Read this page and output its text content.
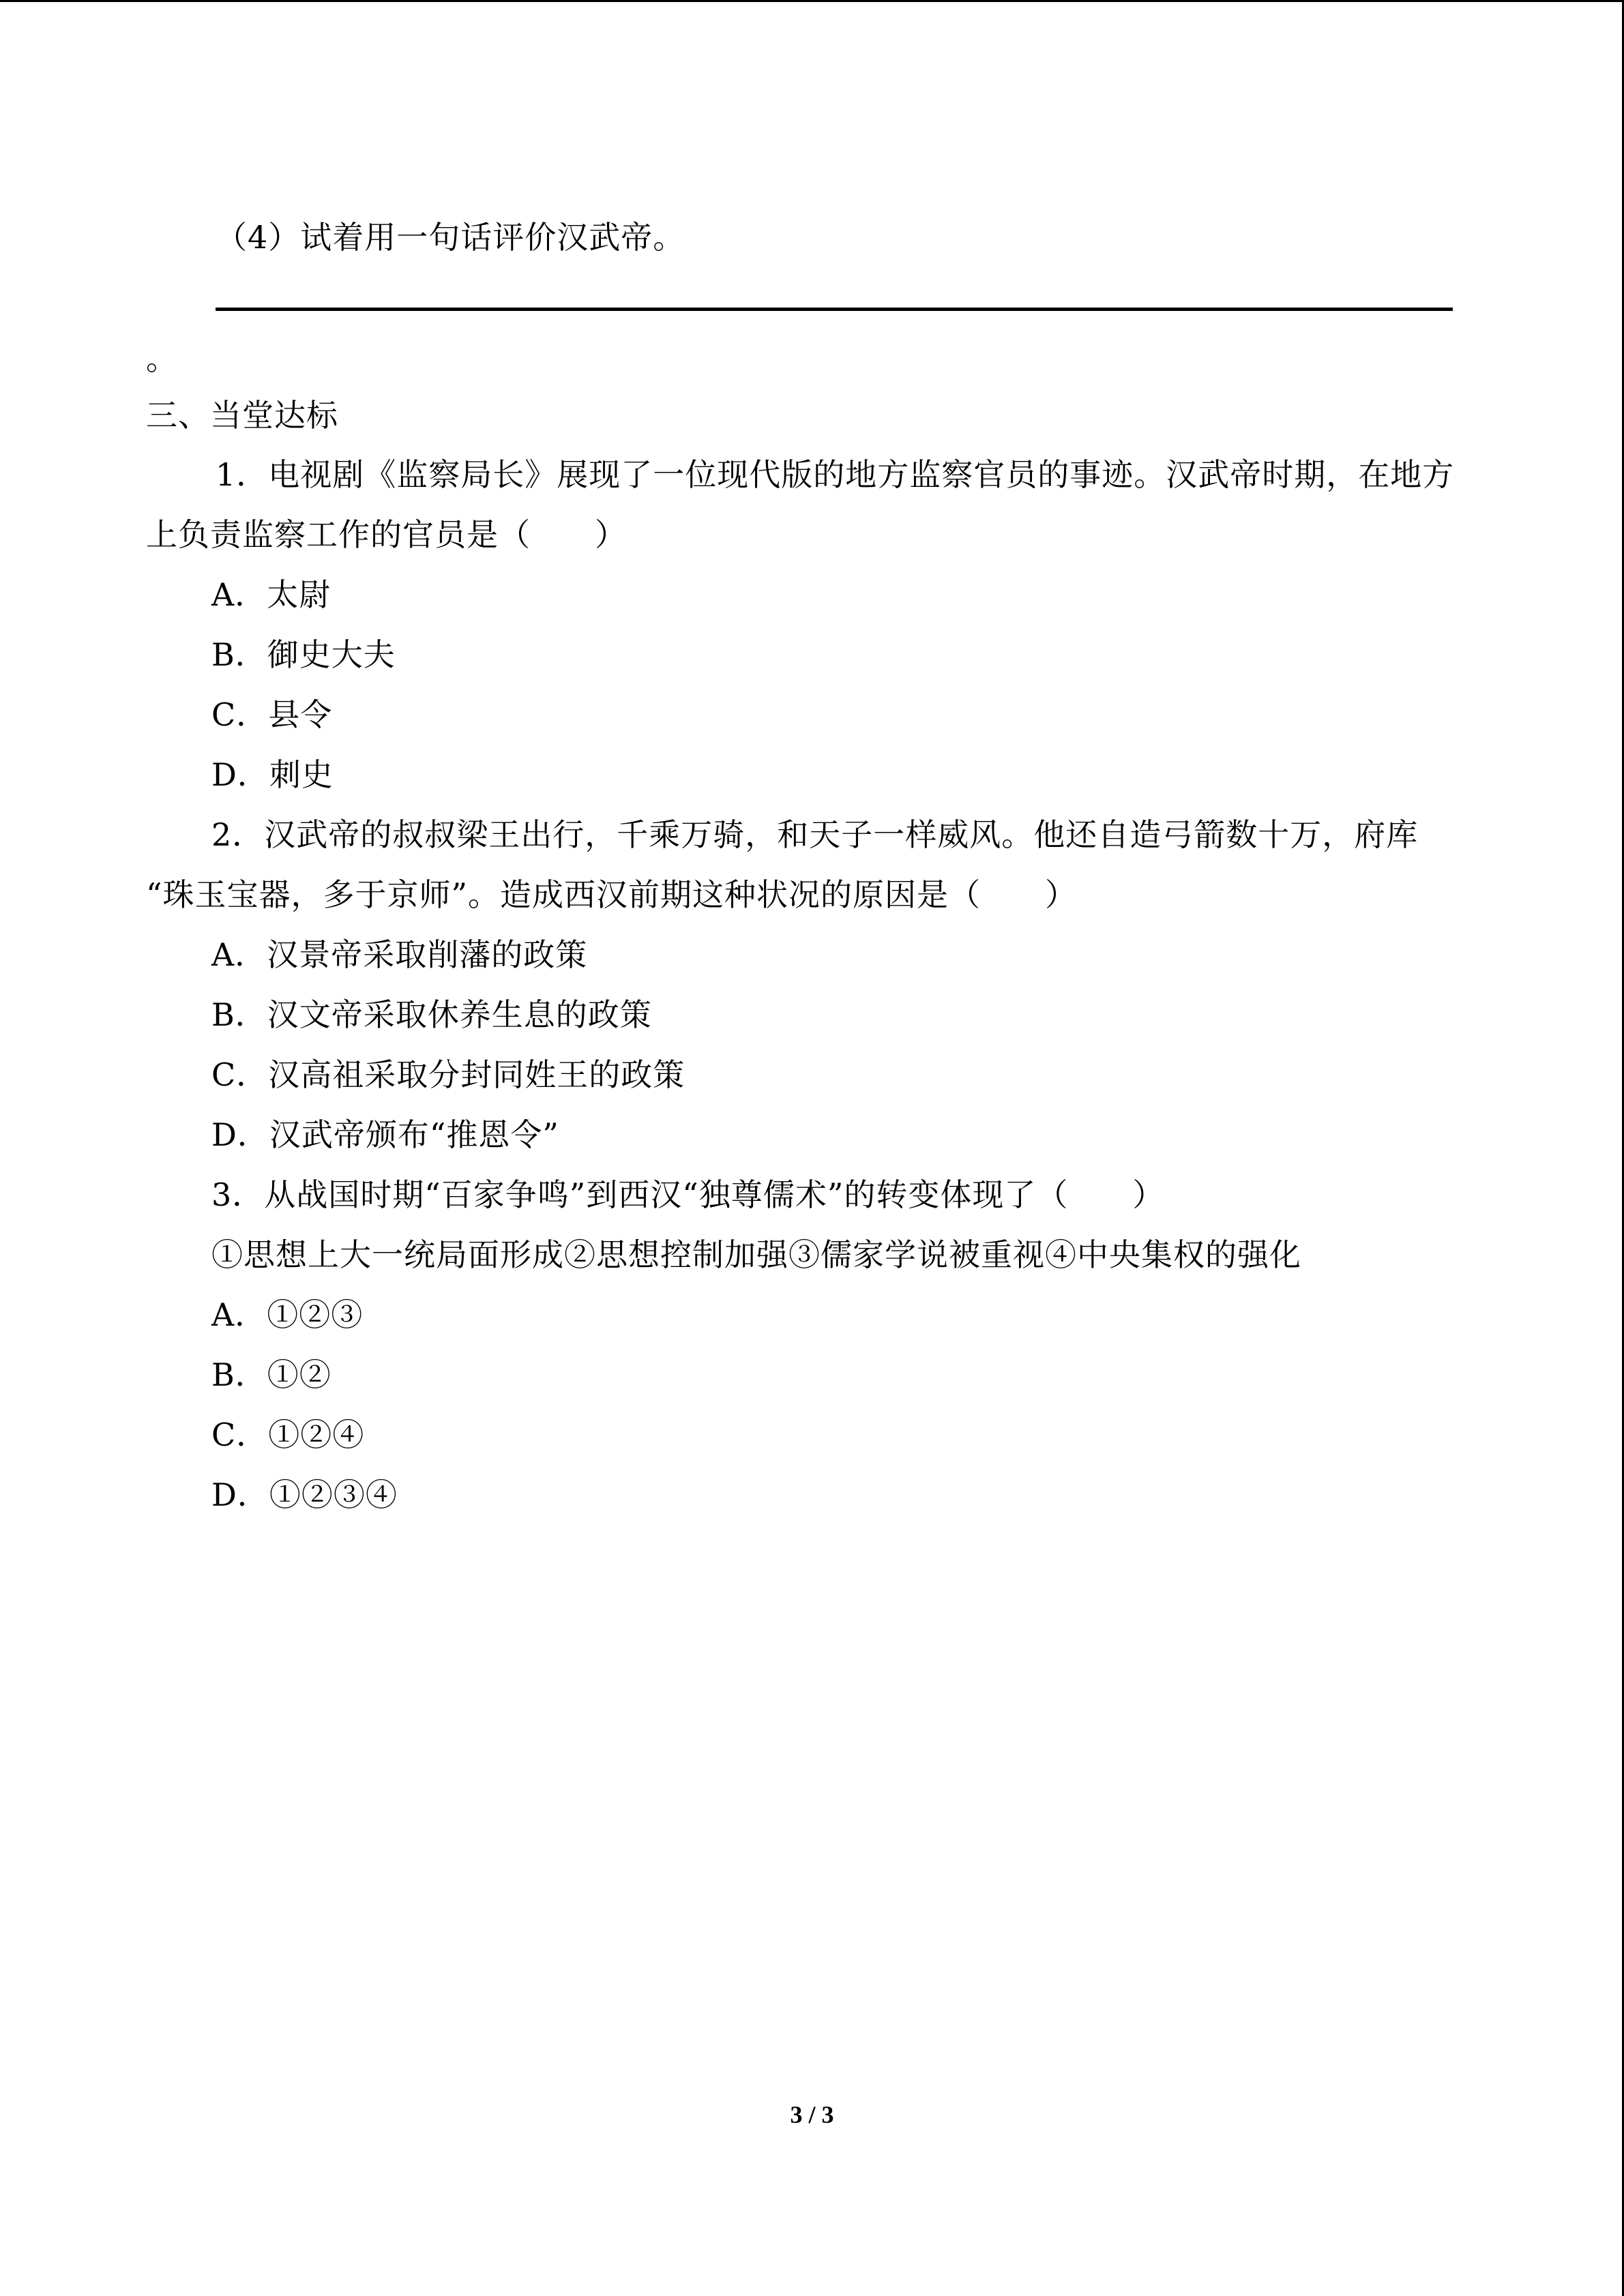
（4）试着用一句话评价汉武帝。
。
三、当堂达标
1．电视剧《监察局长》展现了一位现代版的地方监察官员的事迹。汉武帝时期，在地方
上负责监察工作的官员是（　　）
A．太尉
B．御史大夫
C．县令
D．刺史
2．汉武帝的叔叔梁王出行，千乘万骑，和天子一样威风。他还自造弓箭数十万，府库
“珠玉宝器，多于京师”。造成西汉前期这种状况的原因是（　　）
A．汉景帝采取削藩的政策
B．汉文帝采取休养生息的政策
C．汉高祖采取分封同姓王的政策
D．汉武帝颁布“推恩令”
3．从战国时期“百家争鸣”到西汉“独尊儒术”的转变体现了（　　）
①思想上大一统局面形成②思想控制加强③儒家学说被重视④中央集权的强化
A．①②③
B．①②
C．①②④
D．①②③④
3 / 3
